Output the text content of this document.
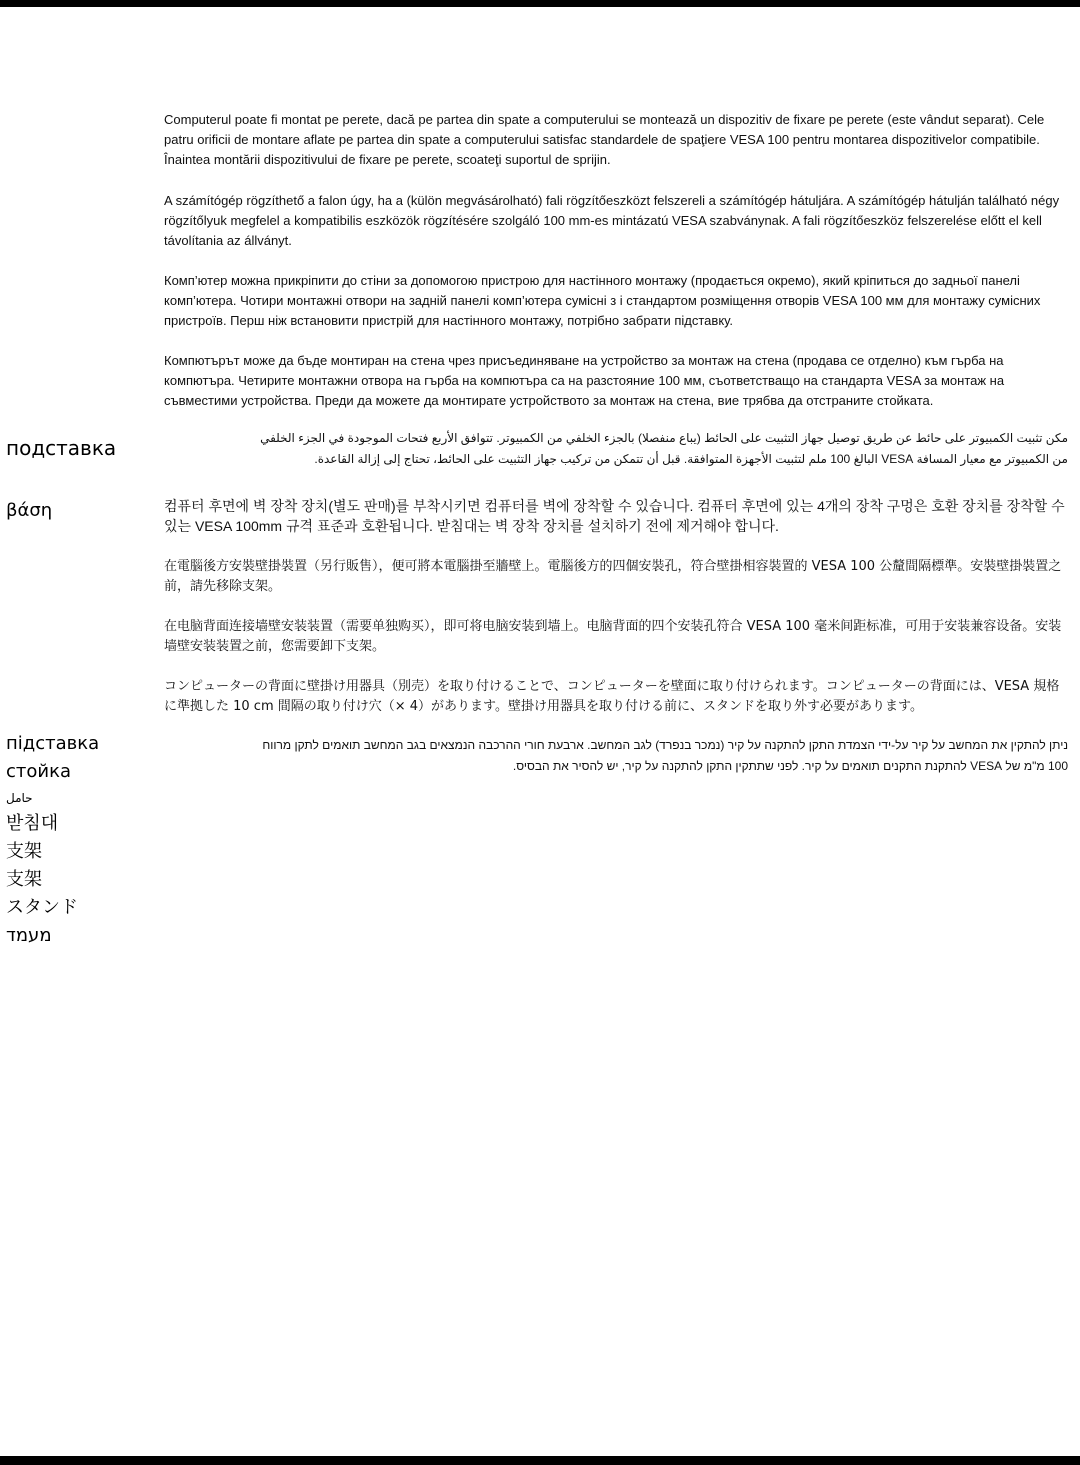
Computerul poate fi montat pe perete, dacă pe partea din spate a computerului se montează un dispozitiv de fixare pe perete (este vândut separat). Cele patru orificii de montare aflate pe partea din spate a computerului satisfac standardele de spaţiere VESA 100 pentru montarea dispozitivelor compatibile. Înaintea montării dispozitivului de fixare pe perete, scoateţi suportul de sprijin.

A számítógép rögzíthető a falon úgy, ha a (külön megvásárolható) fali rögzítőeszközt felszereli a számítógép hátuljára. A számítógép hátulján található négy rögzítőlyuk megfelel a kompatibilis eszközök rögzítésére szolgáló 100 mm-es mintázatú VESA szabványnak. A fali rögzítőeszköz felszerelése előtt el kell távolítania az állványt.

Комп’ютер можна прикріпити до стіни за допомогою пристрою для настінного монтажу (продається окремо), який кріпиться до задньої панелі комп’ютера. Чотири монтажні отвори на задній панелі комп’ютера сумісні з і стандартом розміщення отворів VESA 100 мм для монтажу сумісних пристроїв. Перш ніж встановити пристрій для настінного монтажу, потрібно забрати підставку.

Компютърът може да бъде монтиран на стена чрез присъединяване на устройство за монтаж на стена (продава се отделно) към гърба на компютъра. Четирите монтажни отвора на гърба на компютъра са на разстояние 100 мм, съответстващо на стандарта VESA за монтаж на съвместими устройства. Преди да можете да монтирате устройството за монтаж на стена, вие трябва да отстраните стойката.

подставка	مكن تثبيت الكمبيوتر على حائط عن طريق توصيل جهاز التثبيت على الحائط (يباع منفصلا) بالجزء الخلفي من الكمبيوتر. تتوافق الأربع فتحات الموجودة في الجزء الخلفي من الكمبيوتر مع معيار المسافة VESA البالغ 100 ملم لتثبيت الأجهزة المتوافقة. قبل أن تتمكن من تركيب جهاز التثبيت على الحائط، تحتاج إلى إزالة القاعدة.

βάση	컴퓨터 후면에 벽 장착 장치(별도 판매)를 부착시키면 컴퓨터를 벽에 장착할 수 있습니다. 컴퓨터 후면에 있는 4개의 장착 구멍은 호환 장치를 장착할 수 있는 VESA 100mm 규격 표준과 호환됩니다. 받침대는 벽 장착 장치를 설치하기 전에 제거해야 합니다.

在電腦後方安裝壁掛裝置（另行販售），便可將本電腦掛至牆壁上。電腦後方的四個安裝孔，符合壁掛相容裝置的 VESA 100 公釐間隔標準。安裝壁掛裝置之前，請先移除支架。

在电脑背面连接墙壁安装装置（需要单独购买），即可将电脑安装到墙上。电脑背面的四个安装孔符合 VESA 100 毫米间距标准，可用于安装兼容设备。安装墙壁安装装置之前，您需要卸下支架。

コンピューターの背面に壁掛け用器具（別売）を取り付けることで、コンピューターを壁面に取り付けられます。コンピューターの背面には、VESA 規格に準拠した 10 cm 間隔の取り付け穴（× 4）があります。壁掛け用器具を取り付ける前に、スタンドを取り外す必要があります。

ניתן להתקין את המחשב על קיר על-ידי הצמדת התקן להתקנה על קיר (נמכר בנפרד) לגב המחשב. ארבעת חורי ההרכבה הנמצאים בגב המחשב תואמים לתקן מרווח 100 מ"מ של VESA להתקנת התקנים תואמים על קיר. לפני שתתקין התקן להתקנה על קיר, יש להסיר את הבסיס.

підставка
стойка
حامل
받침대
支架
支架
スタンド
מעמד
